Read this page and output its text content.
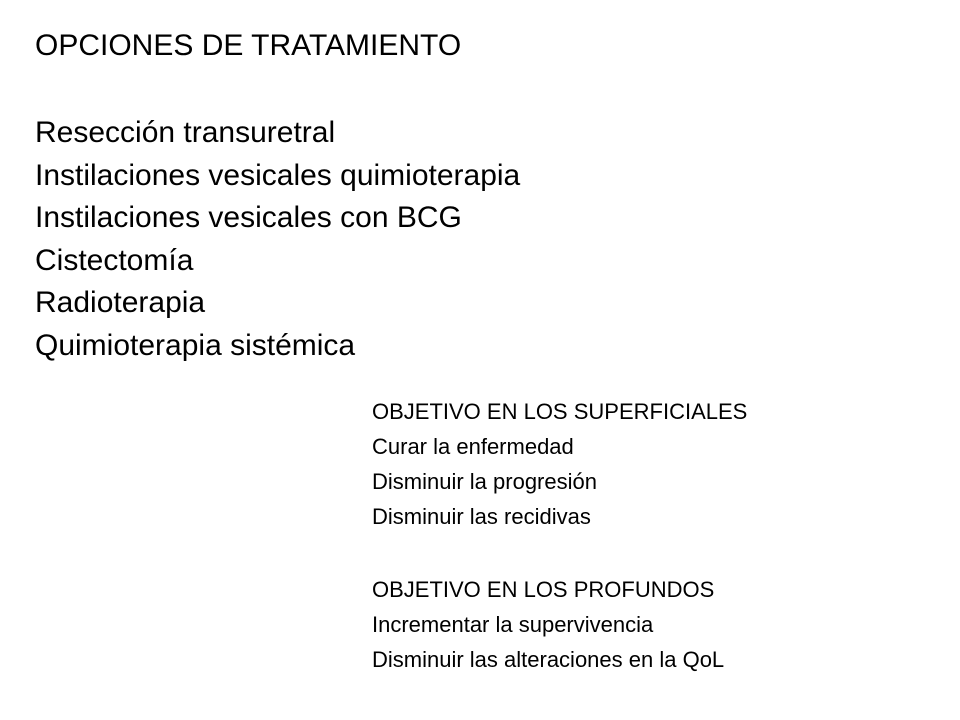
OPCIONES DE TRATAMIENTO
Resección transuretral
Instilaciones vesicales quimioterapia
Instilaciones vesicales con BCG
Cistectomía
Radioterapia
Quimioterapia sistémica
OBJETIVO EN LOS SUPERFICIALES
Curar la enfermedad
Disminuir la progresión
Disminuir las recidivas
OBJETIVO EN LOS PROFUNDOS
Incrementar la supervivencia
Disminuir las alteraciones en la QoL
